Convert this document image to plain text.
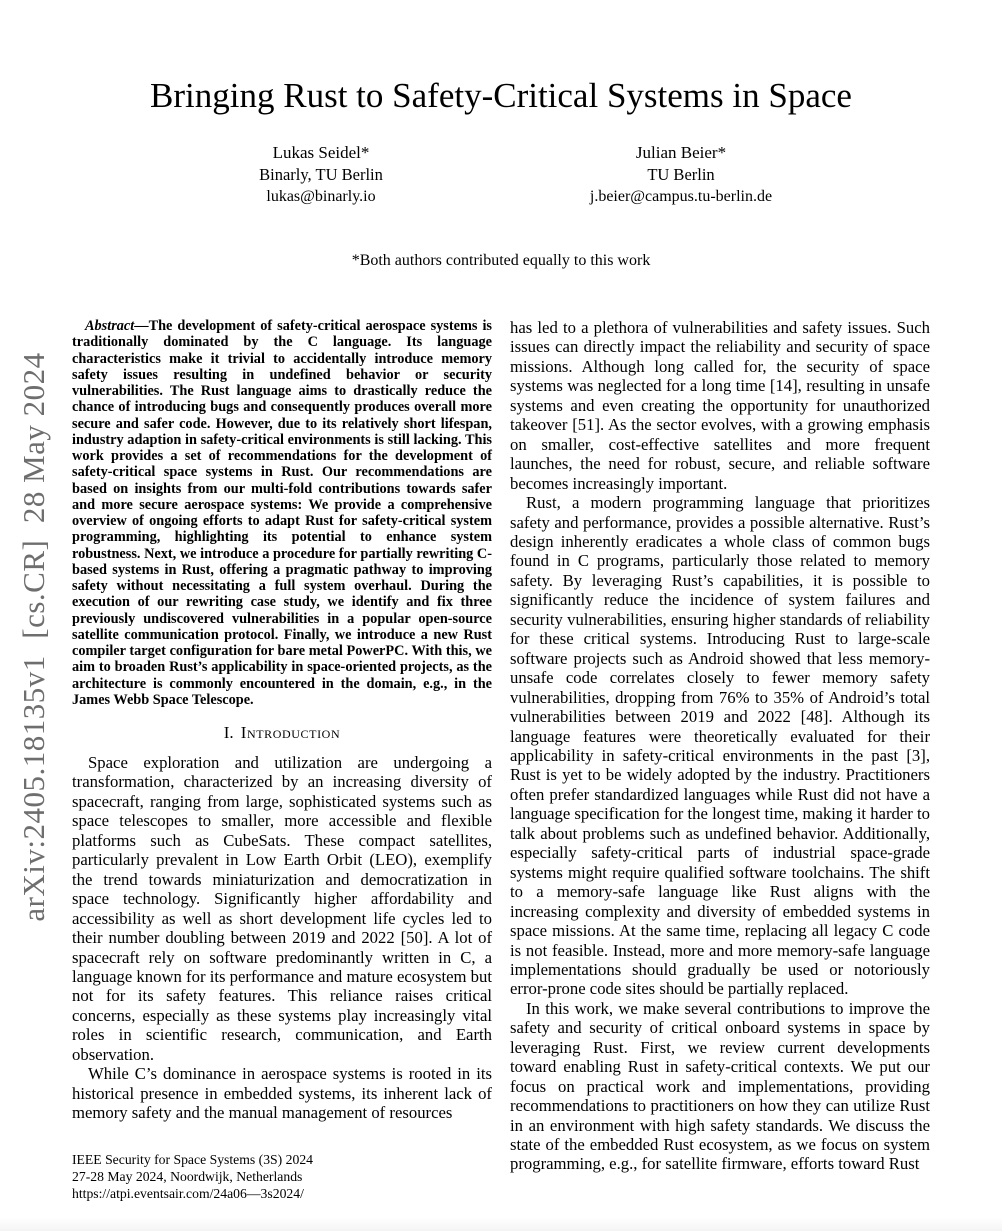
arXiv:2405.18135v1  [cs.CR]  28 May 2024
Bringing Rust to Safety-Critical Systems in Space
Lukas Seidel*
Binarly, TU Berlin
lukas@binarly.io
Julian Beier*
TU Berlin
j.beier@campus.tu-berlin.de
*Both authors contributed equally to this work

Abstract—The development of safety-critical aerospace systems is traditionally dominated by the C language. Its language characteristics make it trivial to accidentally introduce memory safety issues resulting in undefined behavior or security vulnerabilities. The Rust language aims to drastically reduce the chance of introducing bugs and consequently produces overall more secure and safer code. However, due to its relatively short lifespan, industry adaption in safety-critical environments is still lacking. This work provides a set of recommendations for the development of safety-critical space systems in Rust. Our recommendations are based on insights from our multi-fold contributions towards safer and more secure aerospace systems: We provide a comprehensive overview of ongoing efforts to adapt Rust for safety-critical system programming, highlighting its potential to enhance system robustness. Next, we introduce a procedure for partially rewriting C-based systems in Rust, offering a pragmatic pathway to improving safety without necessitating a full system overhaul. During the execution of our rewriting case study, we identify and fix three previously undiscovered vulnerabilities in a popular open-source satellite communication protocol. Finally, we introduce a new Rust compiler target configuration for bare metal PowerPC. With this, we aim to broaden Rust’s applicability in space-oriented projects, as the architecture is commonly encountered in the domain, e.g., in the James Webb Space Telescope.

I. Introduction

Space exploration and utilization are undergoing a transformation, characterized by an increasing diversity of spacecraft, ranging from large, sophisticated systems such as space telescopes to smaller, more accessible and flexible platforms such as CubeSats. These compact satellites, particularly prevalent in Low Earth Orbit (LEO), exemplify the trend towards miniaturization and democratization in space technology. Significantly higher affordability and accessibility as well as short development life cycles led to their number doubling between 2019 and 2022 [50]. A lot of spacecraft rely on software predominantly written in C, a language known for its performance and mature ecosystem but not for its safety features. This reliance raises critical concerns, especially as these systems play increasingly vital roles in scientific research, communication, and Earth observation.

While C’s dominance in aerospace systems is rooted in its historical presence in embedded systems, its inherent lack of memory safety and the manual management of resources

has led to a plethora of vulnerabilities and safety issues. Such issues can directly impact the reliability and security of space missions. Although long called for, the security of space systems was neglected for a long time [14], resulting in unsafe systems and even creating the opportunity for unauthorized takeover [51]. As the sector evolves, with a growing emphasis on smaller, cost-effective satellites and more frequent launches, the need for robust, secure, and reliable software becomes increasingly important.

Rust, a modern programming language that prioritizes safety and performance, provides a possible alternative. Rust’s design inherently eradicates a whole class of common bugs found in C programs, particularly those related to memory safety. By leveraging Rust’s capabilities, it is possible to significantly reduce the incidence of system failures and security vulnerabilities, ensuring higher standards of reliability for these critical systems. Introducing Rust to large-scale software projects such as Android showed that less memory-unsafe code correlates closely to fewer memory safety vulnerabilities, dropping from 76% to 35% of Android’s total vulnerabilities between 2019 and 2022 [48]. Although its language features were theoretically evaluated for their applicability in safety-critical environments in the past [3], Rust is yet to be widely adopted by the industry. Practitioners often prefer standardized languages while Rust did not have a language specification for the longest time, making it harder to talk about problems such as undefined behavior. Additionally, especially safety-critical parts of industrial space-grade systems might require qualified software toolchains. The shift to a memory-safe language like Rust aligns with the increasing complexity and diversity of embedded systems in space missions. At the same time, replacing all legacy C code is not feasible. Instead, more and more memory-safe language implementations should gradually be used or notoriously error-prone code sites should be partially replaced.

In this work, we make several contributions to improve the safety and security of critical onboard systems in space by leveraging Rust. First, we review current developments toward enabling Rust in safety-critical contexts. We put our focus on practical work and implementations, providing recommendations to practitioners on how they can utilize Rust in an environment with high safety standards. We discuss the state of the embedded Rust ecosystem, as we focus on system programming, e.g., for satellite firmware, efforts toward Rust

IEEE Security for Space Systems (3S) 2024
27-28 May 2024, Noordwijk, Netherlands
https://atpi.eventsair.com/24a06—3s2024/
